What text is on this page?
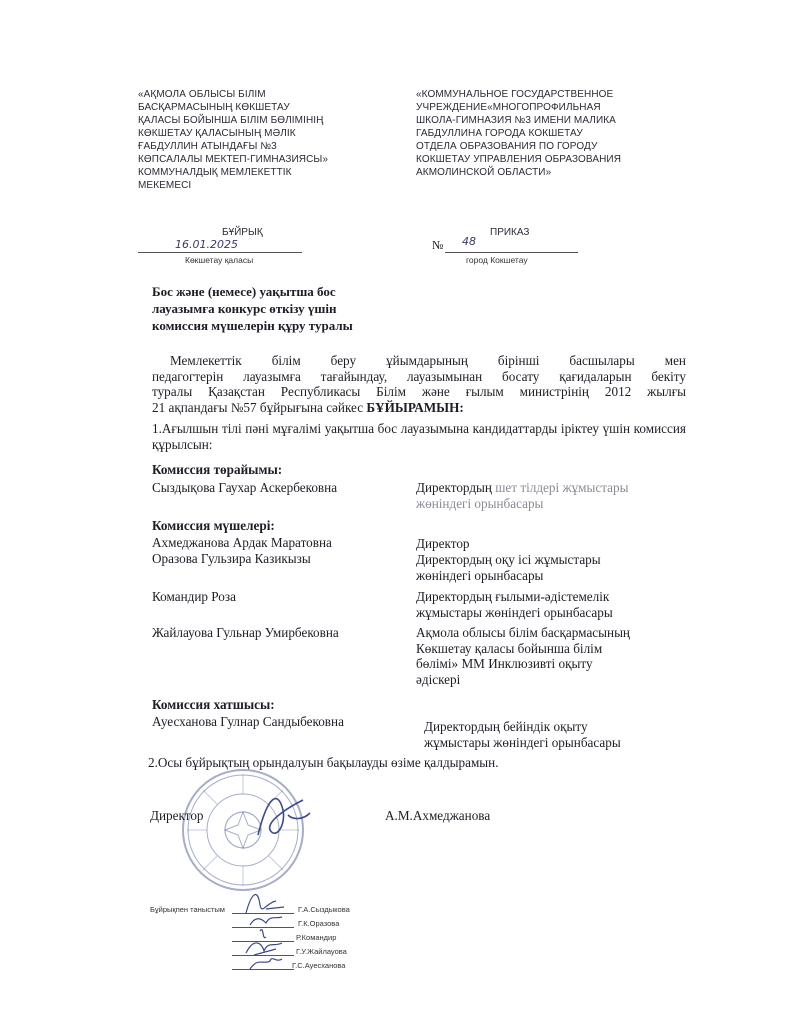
«АҚМОЛА ОБЛЫСЫ БІЛІМ
БАСҚАРМАСЫНЫҢ КӨКШЕТАУ
ҚАЛАСЫ БОЙЫНША БІЛІМ БӨЛІМІНІҢ
КӨКШЕТАУ ҚАЛАСЫНЫҢ МӘЛІК
ҒАБДУЛЛИН АТЫНДАҒЫ №3
КӨПСАЛАЛЫ МЕКТЕП-ГИМНАЗИЯСЫ»
КОММУНАЛДЫҚ МЕМЛЕКЕТТІК
МЕКЕМЕСІ
«КОММУНАЛЬНОЕ ГОСУДАРСТВЕННОЕ
УЧРЕЖДЕНИЕ«МНОГОПРОФИЛЬНАЯ
ШКОЛА-ГИМНАЗИЯ №3 ИМЕНИ МАЛИКА
ГАБДУЛЛИНА ГОРОДА КОКШЕТАУ
ОТДЕЛА ОБРАЗОВАНИЯ ПО ГОРОДУ
КОКШЕТАУ УПРАВЛЕНИЯ ОБРАЗОВАНИЯ
АКМОЛИНСКОЙ ОБЛАСТИ»
БҰЙРЫҚ	ПРИКАЗ
16.01.2025	№ 48
Көкшетау қаласы	город Кокшетау
Бос және (немесе) уақытша бос
лауазымға конкурс өткізу үшін
комиссия мүшелерін құру туралы
Мемлекеттік білім беру ұйымдарының бірінші басшылары мен
педагогтерін лауазымға тағайындау, лауазымынан босату қағидаларын бекіту
туралы Қазақстан Республикасы Білім және ғылым министрінің 2012 жылғы
21 ақпандағы №57 бұйрығына сәйкес БҰЙЫРАМЫН:
1.Ағылшын тілі пәні мұғалімі уақытша бос лауазымына кандидаттарды іріктеу үшін комиссия құрылсын:
Комиссия төрайымы:
Сыздықова Гаухар Аскербековна	Директордың шет тілдері жұмыстары
жөніндегі орынбасары
Комиссия мүшелері:
Ахмеджанова Ардак Маратовна	Директор
Оразова Гульзира Казикызы	Директордың оқу ісі жұмыстары
жөніндегі орынбасары
Командир Роза	Директордың ғылыми-әдістемелік
жұмыстары жөніндегі орынбасары
Жайлауова Гульнар Умирбековна	Ақмола облысы білім басқармасының
Көкшетау қаласы бойынша білім
бөлімі» ММ Инклюзивті оқыту
әдіскері
Комиссия хатшысы:
Ауесханова Гулнар Сандыбековна	Директордың бейіндік оқыту
жұмыстары жөніндегі орынбасары
2.Осы бұйрықтың орындалуын бақылауды өзіме қалдырамын.
Директор	А.М.Ахмеджанова
Бұйрықпен таныстым	Г.А.Сыздыкова
Г.К.Оразова
Р.Командир
Г.У.Жайлауова
Г.С.Ауесханова
